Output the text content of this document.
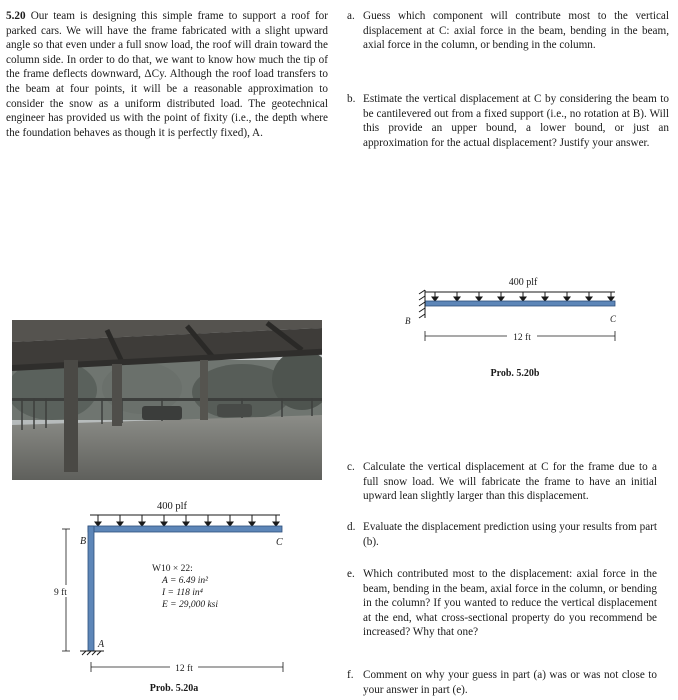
5.20 Our team is designing this simple frame to support a roof for parked cars. We will have the frame fabricated with a slight upward angle so that even under a full snow load, the roof will drain toward the column side. In order to do that, we want to know how much the tip of the frame deflects downward, ΔCy. Although the roof load transfers to the beam at four points, it will be a reasonable approximation to consider the snow as a uniform distributed load. The geotechnical engineer has provided us with the point of fixity (i.e., the depth where the foundation behaves as though it is perfectly fixed), A.

a. Guess which component will contribute most to the vertical displacement at C: axial force in the beam, bending in the beam, axial force in the column, or bending in the column.
b. Estimate the vertical displacement at C by considering the beam to be cantilevered out from a fixed support (i.e., no rotation at B). Will this provide an upper bound, a lower bound, or just an approximation for the actual displacement? Justify your answer.
c. Calculate the vertical displacement at C for the frame due to a full snow load. We will fabricate the frame to have an initial upward lean slightly larger than this displacement.
d. Evaluate the displacement prediction using your results from part (b).
e. Which contributed most to the displacement: axial force in the beam, bending in the beam, axial force in the column, or bending in the column? If you wanted to reduce the vertical displacement at the end, what cross-sectional property do you recommend be increased? Why that one?
f. Comment on why your guess in part (a) was or was not close to your answer in part (e).
400 plf
B	C
A
9 ft
12 ft
W10 × 22:
A = 6.49 in²
I = 118 in⁴
E = 29,000 ksi
Prob. 5.20a
400 plf
B	C
12 ft
Prob. 5.20b
